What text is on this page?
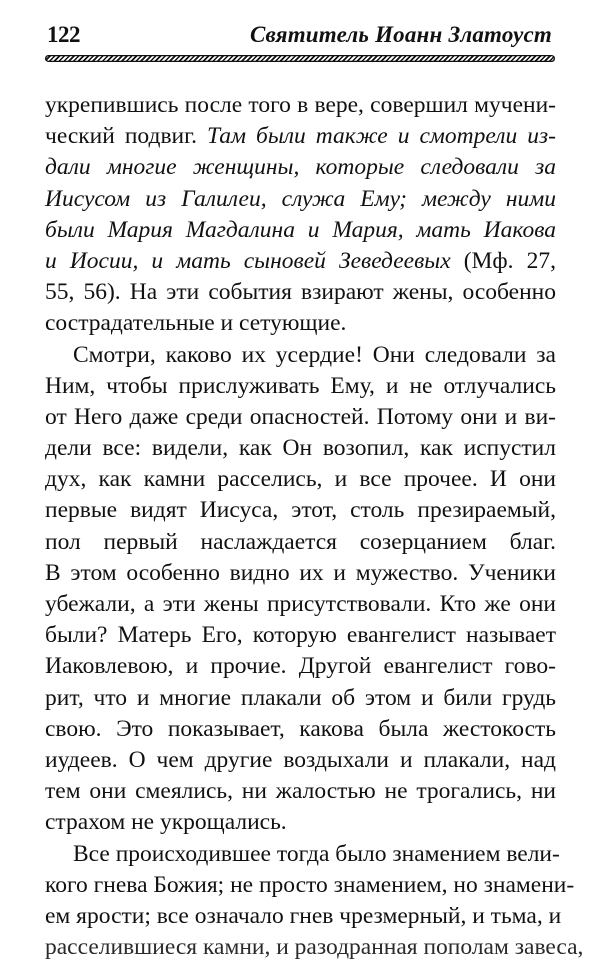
122	Святитель Иоанн Златоуст
укрепившись после того в вере, совершил мучени-
ческий подвиг. Там были также и смотрели из-
дали многие женщины, которые следовали за
Иисусом из Галилеи, служа Ему; между ними
были Мария Магдалина и Мария, мать Иакова
и Иосии, и мать сыновей Зеведеевых (Мф. 27,
55, 56). На эти события взирают жены, особенно
сострадательные и сетующие.
Смотри, каково их усердие! Они следовали за
Ним, чтобы прислуживать Ему, и не отлучались
от Него даже среди опасностей. Потому они и ви-
дели все: видели, как Он возопил, как испустил
дух, как камни расселись, и все прочее. И они
первые видят Иисуса, этот, столь презираемый,
пол первый наслаждается созерцанием благ.
В этом особенно видно их и мужество. Ученики
убежали, а эти жены присутствовали. Кто же они
были? Матерь Его, которую евангелист называет
Иаковлевою, и прочие. Другой евангелист гово-
рит, что и многие плакали об этом и били грудь
свою. Это показывает, какова была жестокость
иудеев. О чем другие воздыхали и плакали, над
тем они смеялись, ни жалостью не трогались, ни
страхом не укрощались.
Все происходившее тогда было знамением вели-
кого гнева Божия; не просто знамением, но знамени-
ем ярости; все означало гнев чрезмерный, и тьма, и
расселившиеся камни, и разодранная пополам завеса,
